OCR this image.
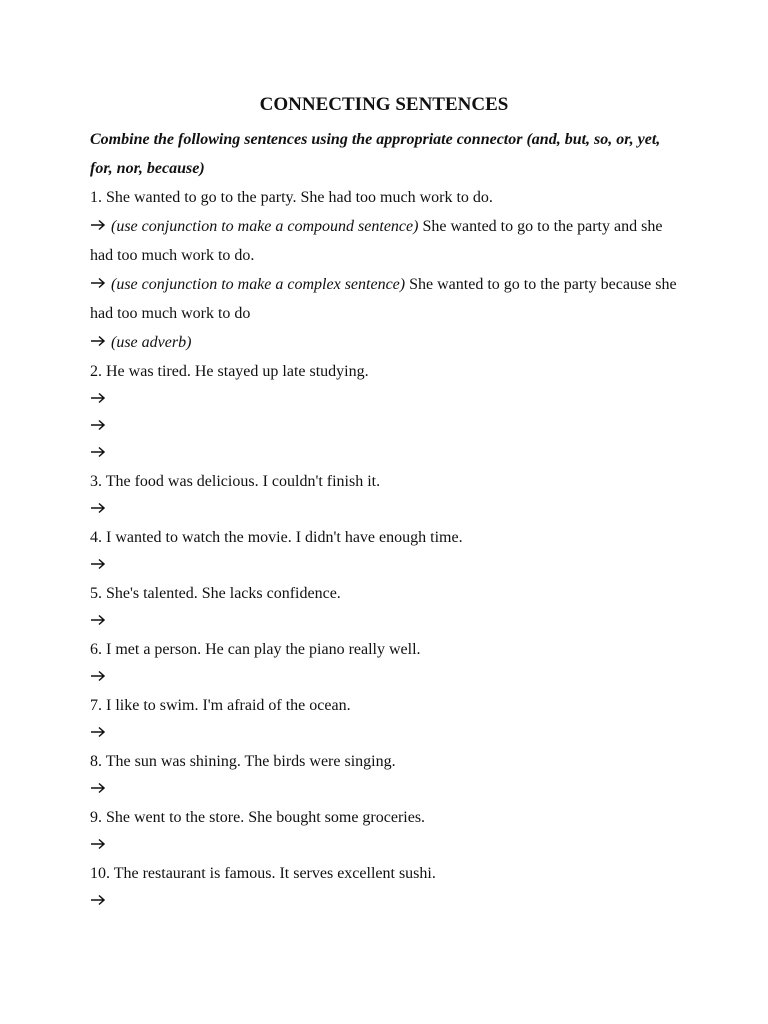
CONNECTING SENTENCES

Combine the following sentences using the appropriate connector (and, but, so, or, yet, for, nor, because)

1. She wanted to go to the party. She had too much work to do.

(use conjunction to make a compound sentence) She wanted to go to the party and she had too much work to do.

(use conjunction to make a complex sentence) She wanted to go to the party because she had too much work to do

(use adverb)

2. He was tired. He stayed up late studying.

3. The food was delicious. I couldn't finish it.

4. I wanted to watch the movie. I didn't have enough time.

5. She's talented. She lacks confidence.

6. I met a person. He can play the piano really well.

7. I like to swim. I'm afraid of the ocean.

8. The sun was shining. The birds were singing.

9. She went to the store. She bought some groceries.

10. The restaurant is famous. It serves excellent sushi.
